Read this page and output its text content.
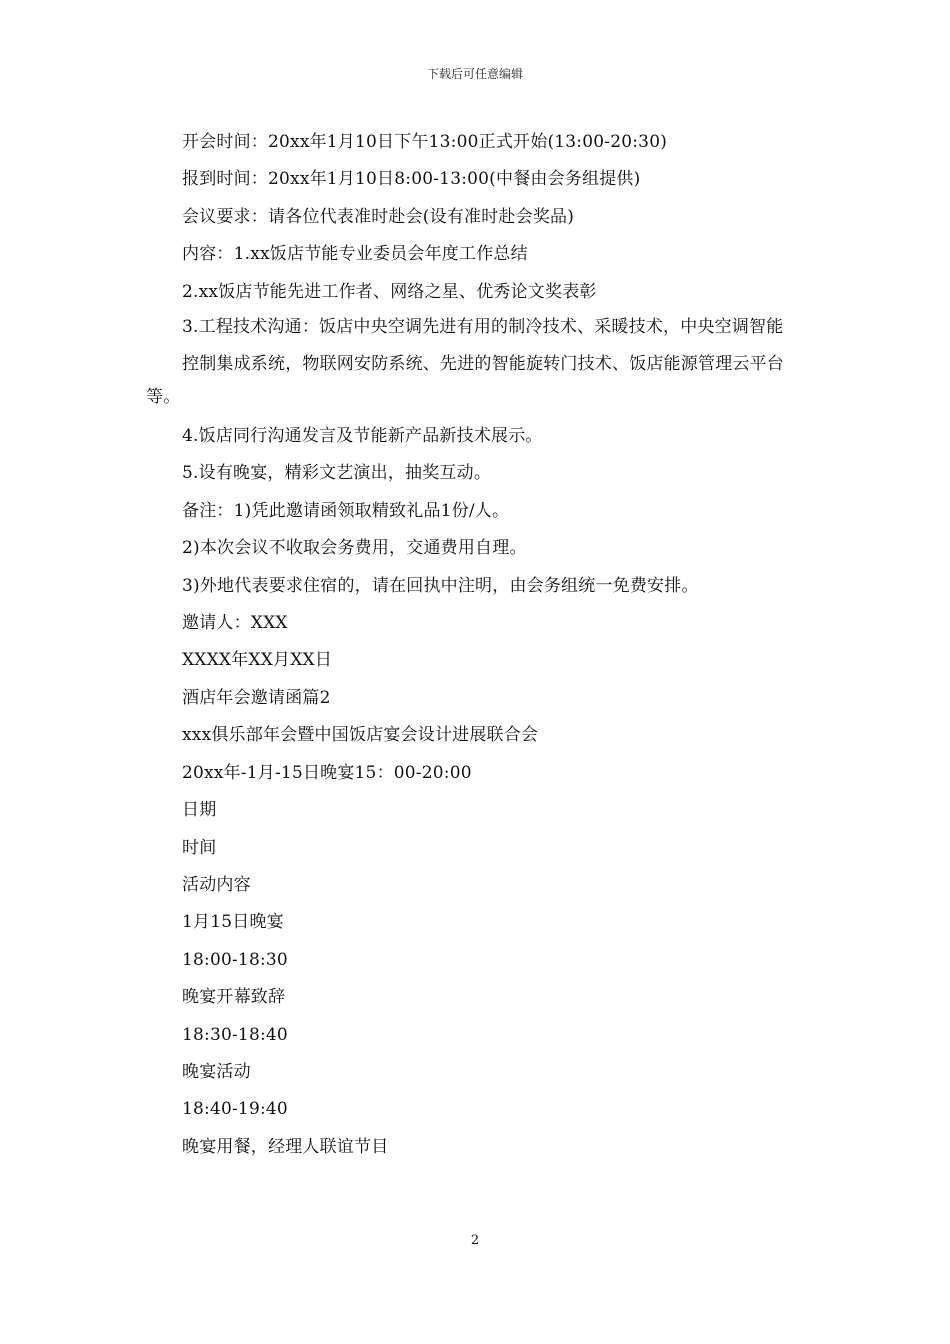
下载后可任意编辑

开会时间：20xx年1月10日下午13:00正式开始(13:00-20:30)

报到时间：20xx年1月10日8:00-13:00(中餐由会务组提供)

会议要求：请各位代表准时赴会(设有准时赴会奖品)

内容：1.xx饭店节能专业委员会年度工作总结

2.xx饭店节能先进工作者、网络之星、优秀论文奖表彰

3.工程技术沟通：饭店中央空调先进有用的制冷技术、采暖技术，中央空调智能

控制集成系统，物联网安防系统、先进的智能旋转门技术、饭店能源管理云平台等。

4.饭店同行沟通发言及节能新产品新技术展示。

5.设有晚宴，精彩文艺演出，抽奖互动。

备注：1)凭此邀请函领取精致礼品1份/人。

2)本次会议不收取会务费用，交通费用自理。

3)外地代表要求住宿的，请在回执中注明，由会务组统一免费安排。

邀请人：XXX

XXXX年XX月XX日

酒店年会邀请函篇2

xxx俱乐部年会暨中国饭店宴会设计进展联合会

20xx年-1月-15日晚宴15：00-20:00

日期

时间

活动内容

1月15日晚宴

18:00-18:30

晚宴开幕致辞

18:30-18:40

晚宴活动

18:40-19:40

晚宴用餐，经理人联谊节目

2
